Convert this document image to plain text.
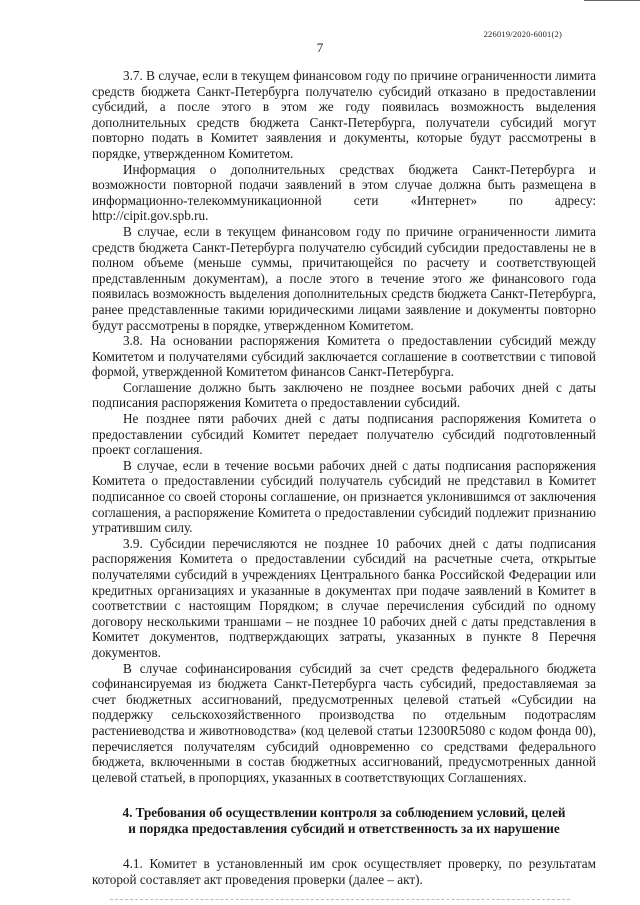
226019/2020-6001(2)
7

3.7. В случае, если в текущем финансовом году по причине ограниченности лимита средств бюджета Санкт-Петербурга получателю субсидий отказано в предоставлении субсидий, а после этого в этом же году появилась возможность выделения дополнительных средств бюджета Санкт-Петербурга, получатели субсидий могут повторно подать в Комитет заявления и документы, которые будут рассмотрены в порядке, утвержденном Комитетом.

Информация о дополнительных средствах бюджета Санкт-Петербурга и возможности повторной подачи заявлений в этом случае должна быть размещена в информационно-телекоммуникационной сети «Интернет» по адресу: http://cipit.gov.spb.ru.

В случае, если в текущем финансовом году по причине ограниченности лимита средств бюджета Санкт-Петербурга получателю субсидий субсидии предоставлены не в полном объеме (меньше суммы, причитающейся по расчету и соответствующей представленным документам), а после этого в течение этого же финансового года появилась возможность выделения дополнительных средств бюджета Санкт-Петербурга, ранее представленные такими юридическими лицами заявление и документы повторно будут рассмотрены в порядке, утвержденном Комитетом.

3.8. На основании распоряжения Комитета о предоставлении субсидий между Комитетом и получателями субсидий заключается соглашение в соответствии с типовой формой, утвержденной Комитетом финансов Санкт-Петербурга.

Соглашение должно быть заключено не позднее восьми рабочих дней с даты подписания распоряжения Комитета о предоставлении субсидий.

Не позднее пяти рабочих дней с даты подписания распоряжения Комитета о предоставлении субсидий Комитет передает получателю субсидий подготовленный проект соглашения.

В случае, если в течение восьми рабочих дней с даты подписания распоряжения Комитета о предоставлении субсидий получатель субсидий не представил в Комитет подписанное со своей стороны соглашение, он признается уклонившимся от заключения соглашения, а распоряжение Комитета о предоставлении субсидий подлежит признанию утратившим силу.

3.9. Субсидии перечисляются не позднее 10 рабочих дней с даты подписания распоряжения Комитета о предоставлении субсидий на расчетные счета, открытые получателями субсидий в учреждениях Центрального банка Российской Федерации или кредитных организациях и указанные в документах при подаче заявлений в Комитет в соответствии с настоящим Порядком; в случае перечисления субсидий по одному договору несколькими траншами – не позднее 10 рабочих дней с даты представления в Комитет документов, подтверждающих затраты, указанных в пункте 8 Перечня документов.

В случае софинансирования субсидий за счет средств федерального бюджета софинансируемая из бюджета Санкт-Петербурга часть субсидий, предоставляемая за счет бюджетных ассигнований, предусмотренных целевой статьей «Субсидии на поддержку сельскохозяйственного производства по отдельным подотраслям растениеводства и животноводства» (код целевой статьи 12300R5080 с кодом фонда 00), перечисляется получателям субсидий одновременно со средствами федерального бюджета, включенными в состав бюджетных ассигнований, предусмотренных данной целевой статьей, в пропорциях, указанных в соответствующих Соглашениях.

4. Требования об осуществлении контроля за соблюдением условий, целей
и порядка предоставления субсидий и ответственность за их нарушение

4.1. Комитет в установленный им срок осуществляет проверку, по результатам которой составляет акт проведения проверки (далее – акт).
